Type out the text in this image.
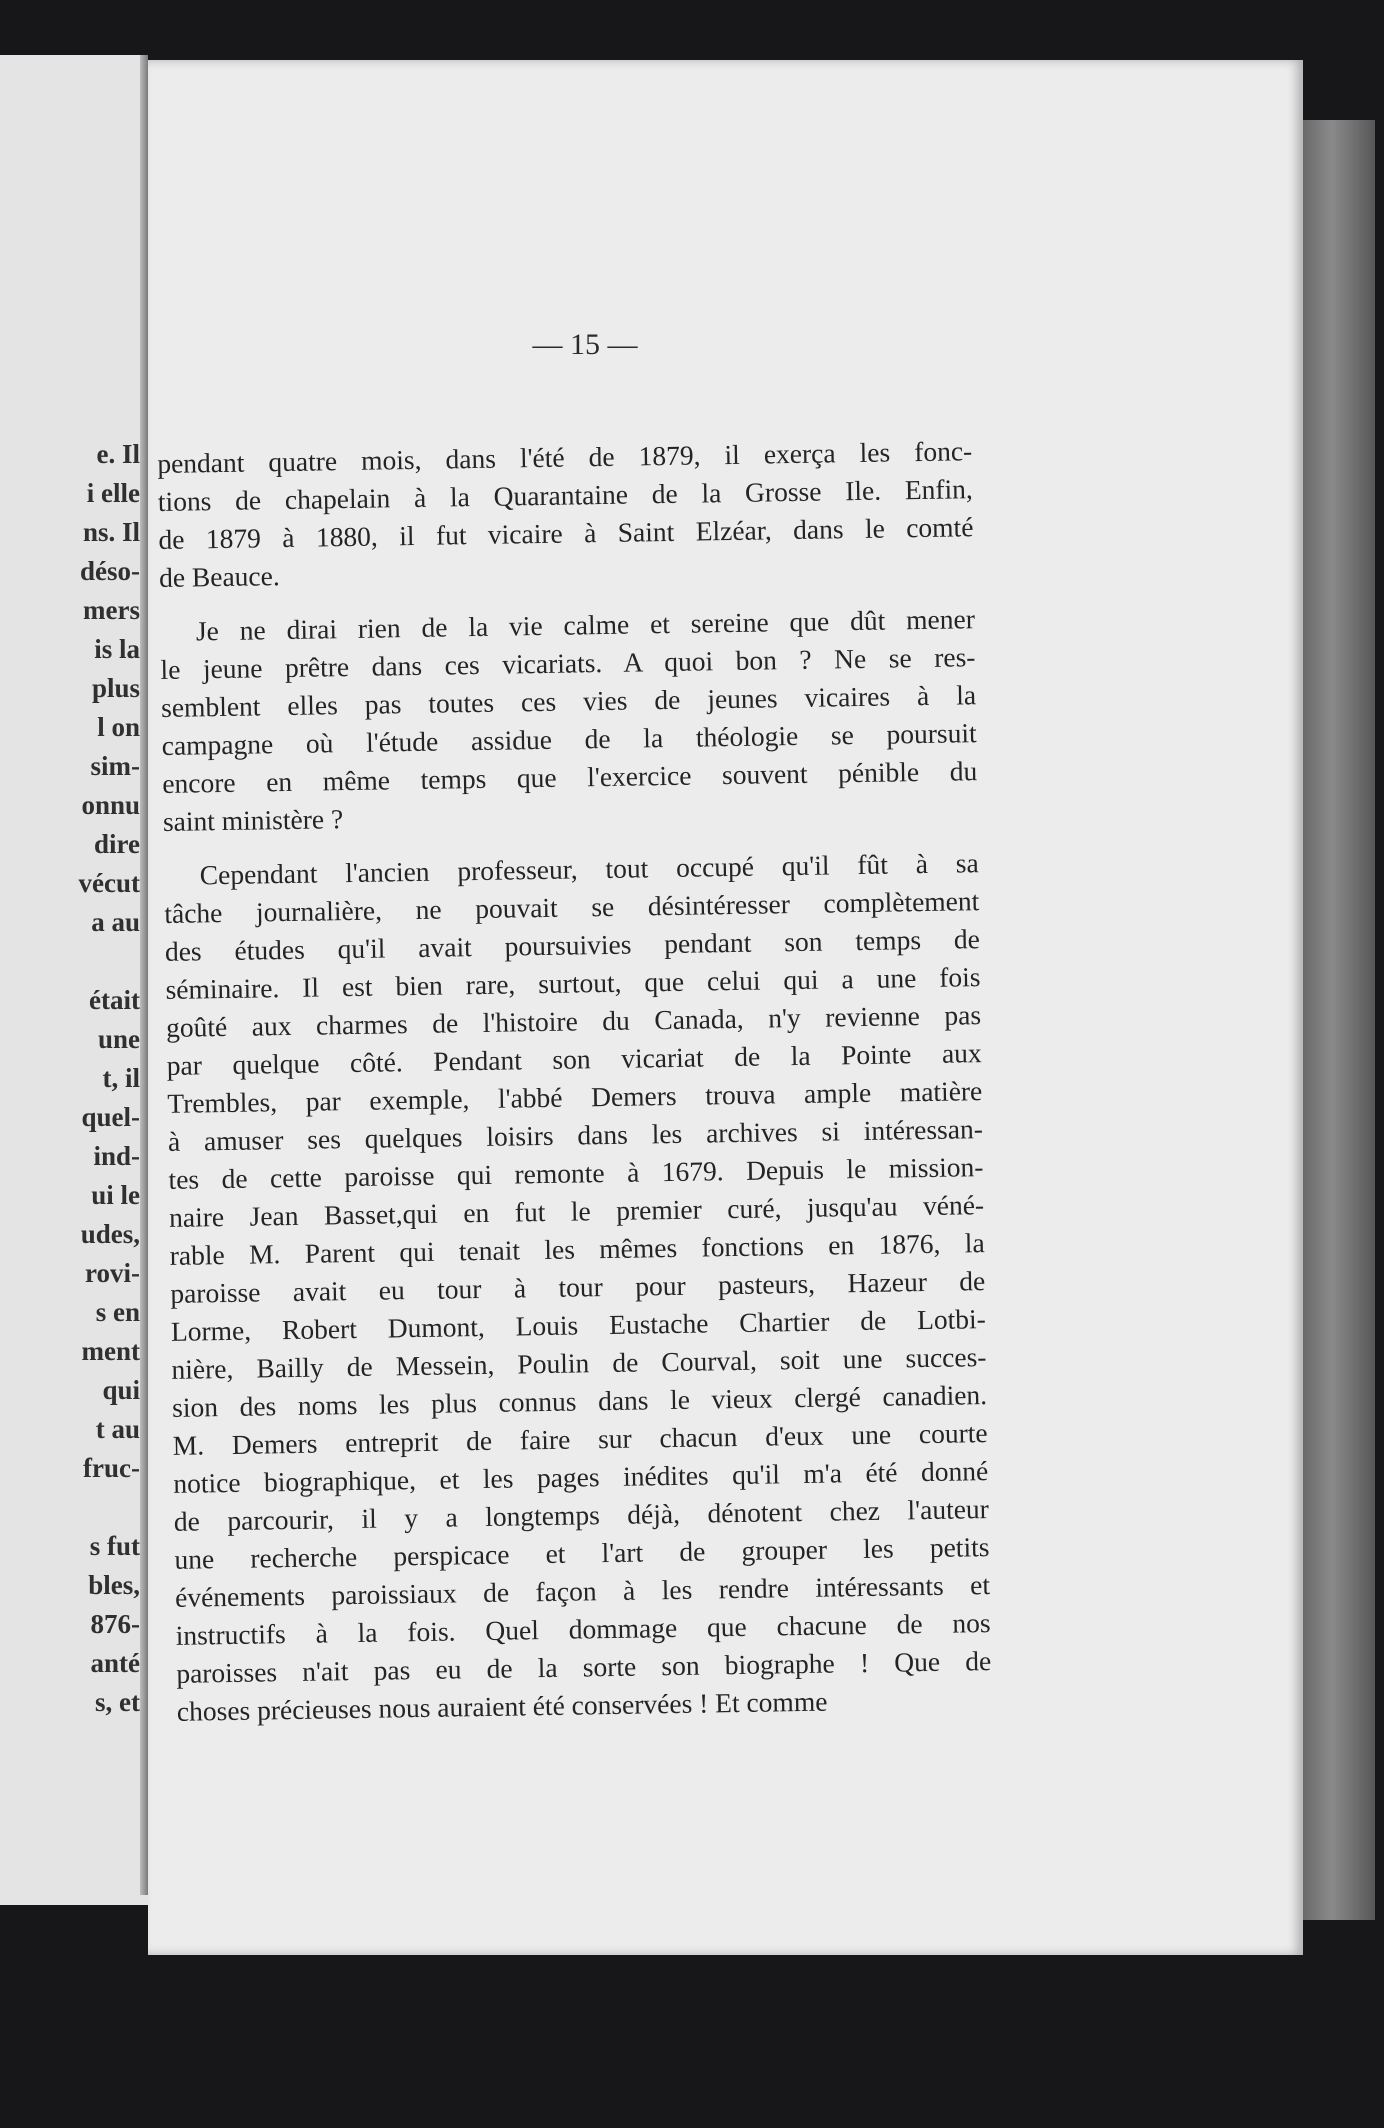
e. Il
i elle
ns. Il
déso-
mers
is la
plus
l on
sim-
onnu
dire
vécut
a au
était
une
t, il
quel-
ind-
ui le
udes,
rovi-
s en
ment
qui
t au
fruc-
s fut
bles,
876-
anté
s, et
— 15 —

pendant quatre mois, dans l'été de 1879, il exerça les fonc-
tions de chapelain à la Quarantaine de la Grosse Ile. Enfin,
de 1879 à 1880, il fut vicaire à Saint Elzéar, dans le comté
de Beauce.

Je ne dirai rien de la vie calme et sereine que dût mener
le jeune prêtre dans ces vicariats. A quoi bon ? Ne se res-
semblent elles pas toutes ces vies de jeunes vicaires à la
campagne où l'étude assidue de la théologie se poursuit
encore en même temps que l'exercice souvent pénible du
saint ministère ?

Cependant l'ancien professeur, tout occupé qu'il fût à sa
tâche journalière, ne pouvait se désintéresser complètement
des études qu'il avait poursuivies pendant son temps de
séminaire. Il est bien rare, surtout, que celui qui a une fois
goûté aux charmes de l'histoire du Canada, n'y revienne pas
par quelque côté. Pendant son vicariat de la Pointe aux
Trembles, par exemple, l'abbé Demers trouva ample matière
à amuser ses quelques loisirs dans les archives si intéressan-
tes de cette paroisse qui remonte à 1679. Depuis le mission-
naire Jean Basset,qui en fut le premier curé, jusqu'au véné-
rable M. Parent qui tenait les mêmes fonctions en 1876, la
paroisse avait eu tour à tour pour pasteurs, Hazeur de
Lorme, Robert Dumont, Louis Eustache Chartier de Lotbi-
nière, Bailly de Messein, Poulin de Courval, soit une succes-
sion des noms les plus connus dans le vieux clergé canadien.
M. Demers entreprit de faire sur chacun d'eux une courte
notice biographique, et les pages inédites qu'il m'a été donné
de parcourir, il y a longtemps déjà, dénotent chez l'auteur
une recherche perspicace et l'art de grouper les petits
événements paroissiaux de façon à les rendre intéressants et
instructifs à la fois. Quel dommage que chacune de nos
paroisses n'ait pas eu de la sorte son biographe ! Que de
choses précieuses nous auraient été conservées ! Et comme
